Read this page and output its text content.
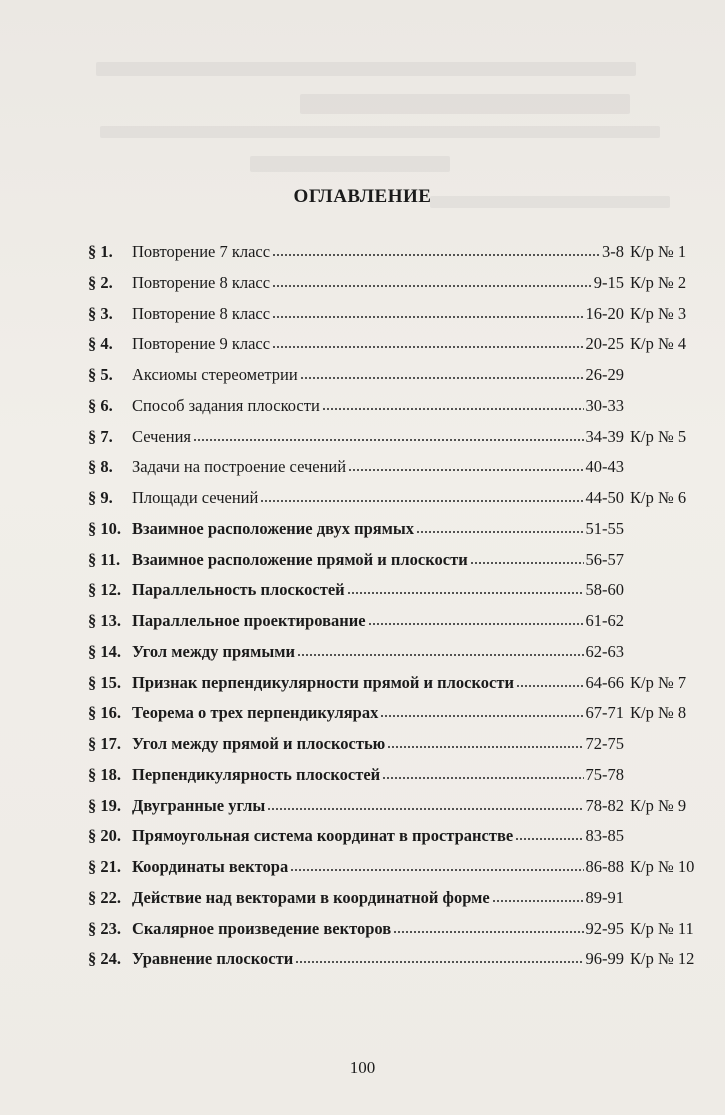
ОГЛАВЛЕНИЕ
§ 1.	Повторение 7 класс	3-8 К/р № 1
§ 2.	Повторение 8 класс	9-15 К/р № 2
§ 3.	Повторение 8 класс	16-20 К/р № 3
§ 4.	Повторение 9 класс	20-25 К/р № 4
§ 5.	Аксиомы стереометрии	26-29
§ 6.	Способ задания плоскости	30-33
§ 7.	Сечения	34-39 К/р № 5
§ 8.	Задачи на построение сечений	40-43
§ 9.	Площади сечений	44-50 К/р № 6
§ 10. Взаимное расположение двух прямых	51-55
§ 11. Взаимное расположение прямой и плоскости	56-57
§ 12. Параллельность плоскостей	58-60
§ 13. Параллельное проектирование	61-62
§ 14. Угол между прямыми	62-63
§ 15. Признак перпендикулярности прямой и плоскости	64-66 К/р № 7
§ 16. Теорема о трех перпендикулярах	67-71 К/р № 8
§ 17. Угол между прямой и плоскостью	72-75
§ 18. Перпендикулярность плоскостей	75-78
§ 19. Двугранные углы	78-82 К/р № 9
§ 20. Прямоугольная система координат в пространстве	83-85
§ 21. Координаты вектора	86-88 К/р № 10
§ 22. Действие над векторами в координатной форме	89-91
§ 23. Скалярное произведение векторов	92-95 К/р № 11
§ 24. Уравнение плоскости	96-99 К/р № 12
100
